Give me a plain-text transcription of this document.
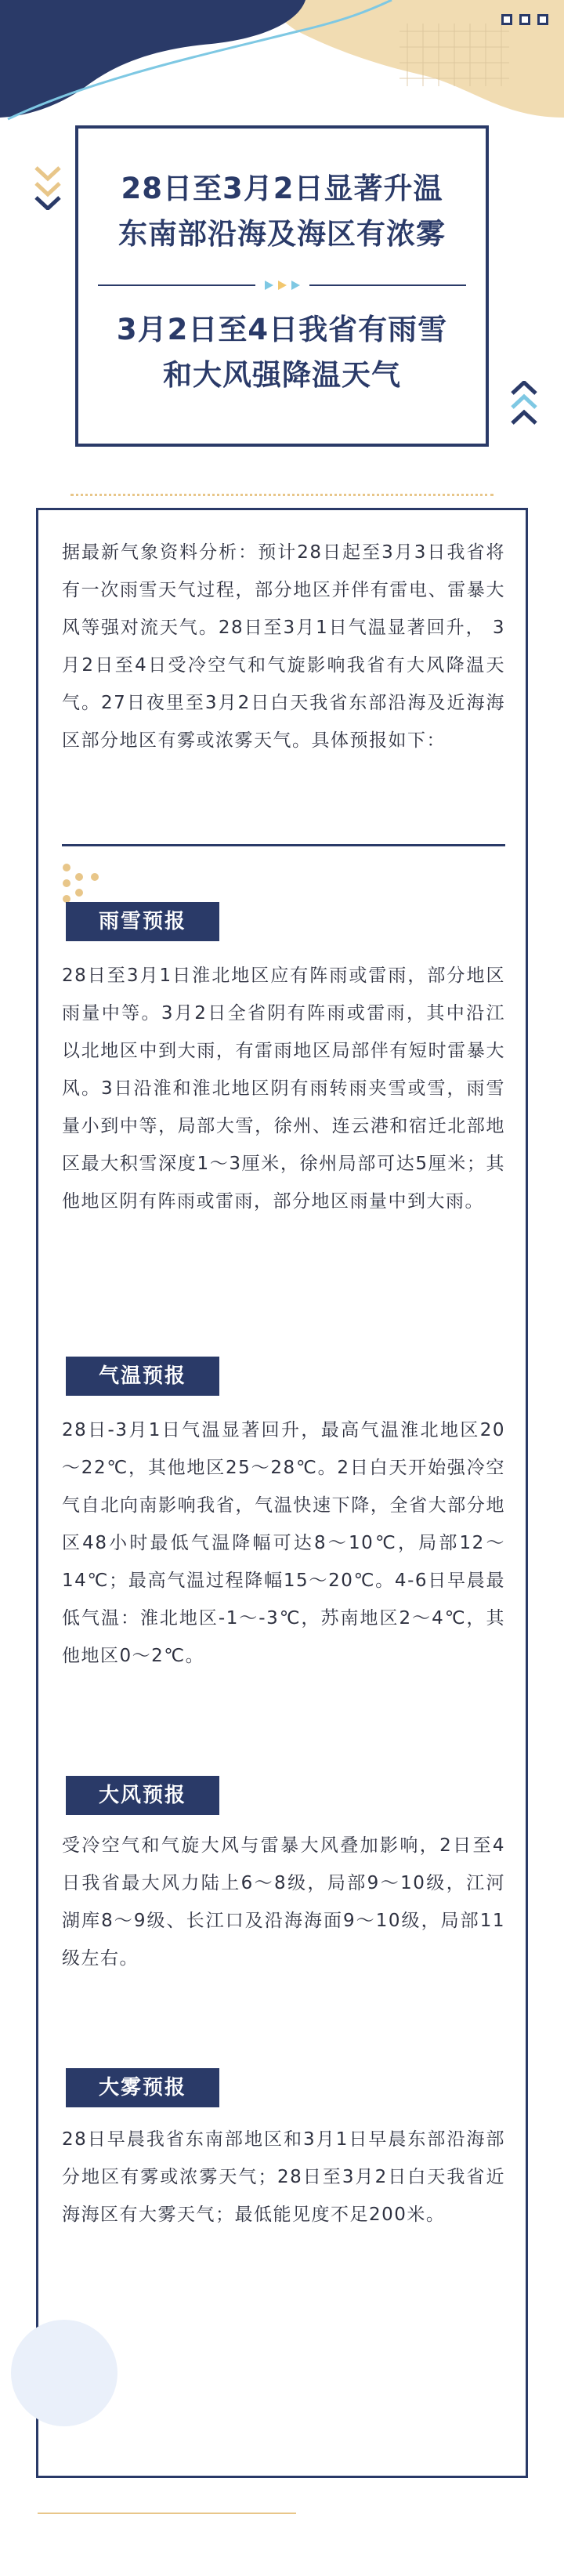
28日至3月2日显著升温
东南部沿海及海区有浓雾
3月2日至4日我省有雨雪
和大风强降温天气

据最新气象资料分析：预计28日起至3月3日我省将有一次雨雪天气过程，部分地区并伴有雷电、雷暴大风等强对流天气。28日至3月1日气温显著回升， 3月2日至4日受冷空气和气旋影响我省有大风降温天气。27日夜里至3月2日白天我省东部沿海及近海海区部分地区有雾或浓雾天气。具体预报如下：

雨雪预报

28日至3月1日淮北地区应有阵雨或雷雨，部分地区雨量中等。3月2日全省阴有阵雨或雷雨，其中沿江以北地区中到大雨，有雷雨地区局部伴有短时雷暴大风。3日沿淮和淮北地区阴有雨转雨夹雪或雪，雨雪量小到中等，局部大雪，徐州、连云港和宿迁北部地区最大积雪深度1～3厘米，徐州局部可达5厘米；其他地区阴有阵雨或雷雨，部分地区雨量中到大雨。

气温预报

28日-3月1日气温显著回升，最高气温淮北地区20～22℃，其他地区25～28℃。2日白天开始强冷空气自北向南影响我省，气温快速下降，全省大部分地区48小时最低气温降幅可达8～10℃，局部12～14℃；最高气温过程降幅15～20℃。4-6日早晨最低气温：淮北地区-1～-3℃，苏南地区2～4℃，其他地区0～2℃。

大风预报

受冷空气和气旋大风与雷暴大风叠加影响，2日至4日我省最大风力陆上6～8级，局部9～10级，江河湖库8～9级、长江口及沿海海面9～10级，局部11级左右。

大雾预报

28日早晨我省东南部地区和3月1日早晨东部沿海部分地区有雾或浓雾天气；28日至3月2日白天我省近海海区有大雾天气；最低能见度不足200米。
